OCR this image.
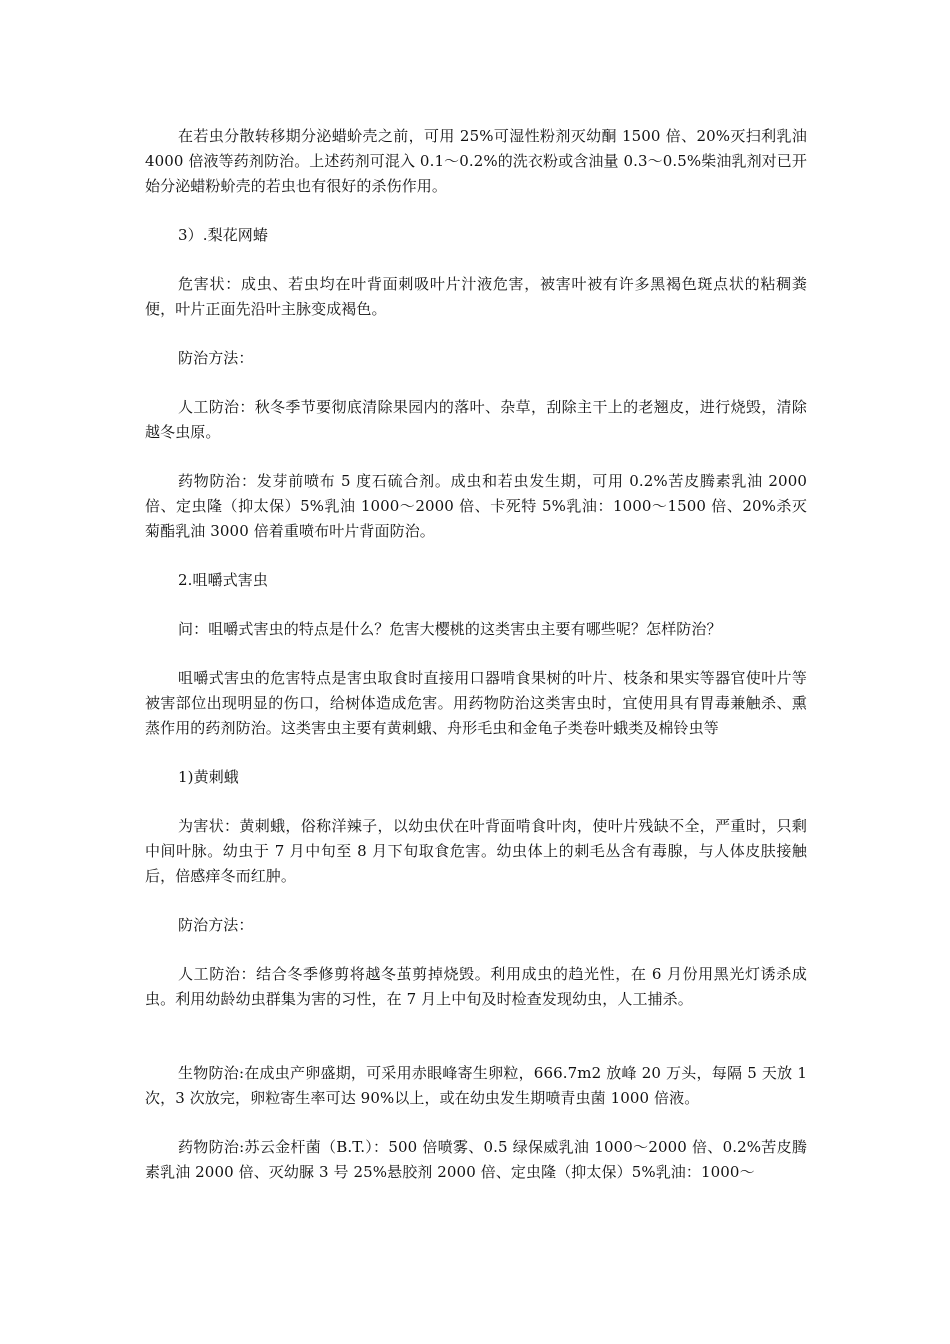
在若虫分散转移期分泌蜡蚧壳之前，可用 25%可湿性粉剂灭幼酮 1500 倍、20%灭扫利乳油 4000 倍液等药剂防治。上述药剂可混入 0.1～0.2%的洗衣粉或含油量 0.3～0.5%柴油乳剂对已开始分泌蜡粉蚧壳的若虫也有很好的杀伤作用。

3）.梨花网蝽

危害状：成虫、若虫均在叶背面刺吸叶片汁液危害，被害叶被有许多黑褐色斑点状的粘稠粪便，叶片正面先沿叶主脉变成褐色。

防治方法：

人工防治：秋冬季节要彻底清除果园内的落叶、杂草，刮除主干上的老翘皮，进行烧毁，清除越冬虫原。

药物防治：发芽前喷布 5 度石硫合剂。成虫和若虫发生期，可用 0.2%苦皮腾素乳油 2000 倍、定虫隆（抑太保）5%乳油 1000～2000 倍、卡死特 5%乳油：1000～1500 倍、20%杀灭菊酯乳油 3000 倍着重喷布叶片背面防治。

2.咀嚼式害虫

问：咀嚼式害虫的特点是什么？危害大樱桃的这类害虫主要有哪些呢？怎样防治？

咀嚼式害虫的危害特点是害虫取食时直接用口器啃食果树的叶片、枝条和果实等器官使叶片等被害部位出现明显的伤口，给树体造成危害。用药物防治这类害虫时，宜使用具有胃毒兼触杀、熏蒸作用的药剂防治。这类害虫主要有黄刺蛾、舟形毛虫和金龟子类卷叶蛾类及棉铃虫等

1)黄刺蛾

为害状：黄刺蛾，俗称洋辣子，以幼虫伏在叶背面啃食叶肉，使叶片残缺不全，严重时，只剩中间叶脉。幼虫于 7 月中旬至 8 月下旬取食危害。幼虫体上的刺毛丛含有毒腺，与人体皮肤接触后，倍感痒冬而红肿。

防治方法：

人工防治：结合冬季修剪将越冬茧剪掉烧毁。利用成虫的趋光性，在 6 月份用黑光灯诱杀成虫。利用幼龄幼虫群集为害的习性，在 7 月上中旬及时检查发现幼虫，人工捕杀。

生物防治:在成虫产卵盛期，可采用赤眼峰寄生卵粒，666.7m2 放峰 20 万头，每隔 5 天放 1 次，3 次放完，卵粒寄生率可达 90%以上，或在幼虫发生期喷青虫菌 1000 倍液。

药物防治:苏云金杆菌（B.T.）：500 倍喷雾、0.5 绿保威乳油 1000～2000 倍、0.2%苦皮腾素乳油 2000 倍、灭幼脲 3 号 25%悬胶剂 2000 倍、定虫隆（抑太保）5%乳油：1000～
